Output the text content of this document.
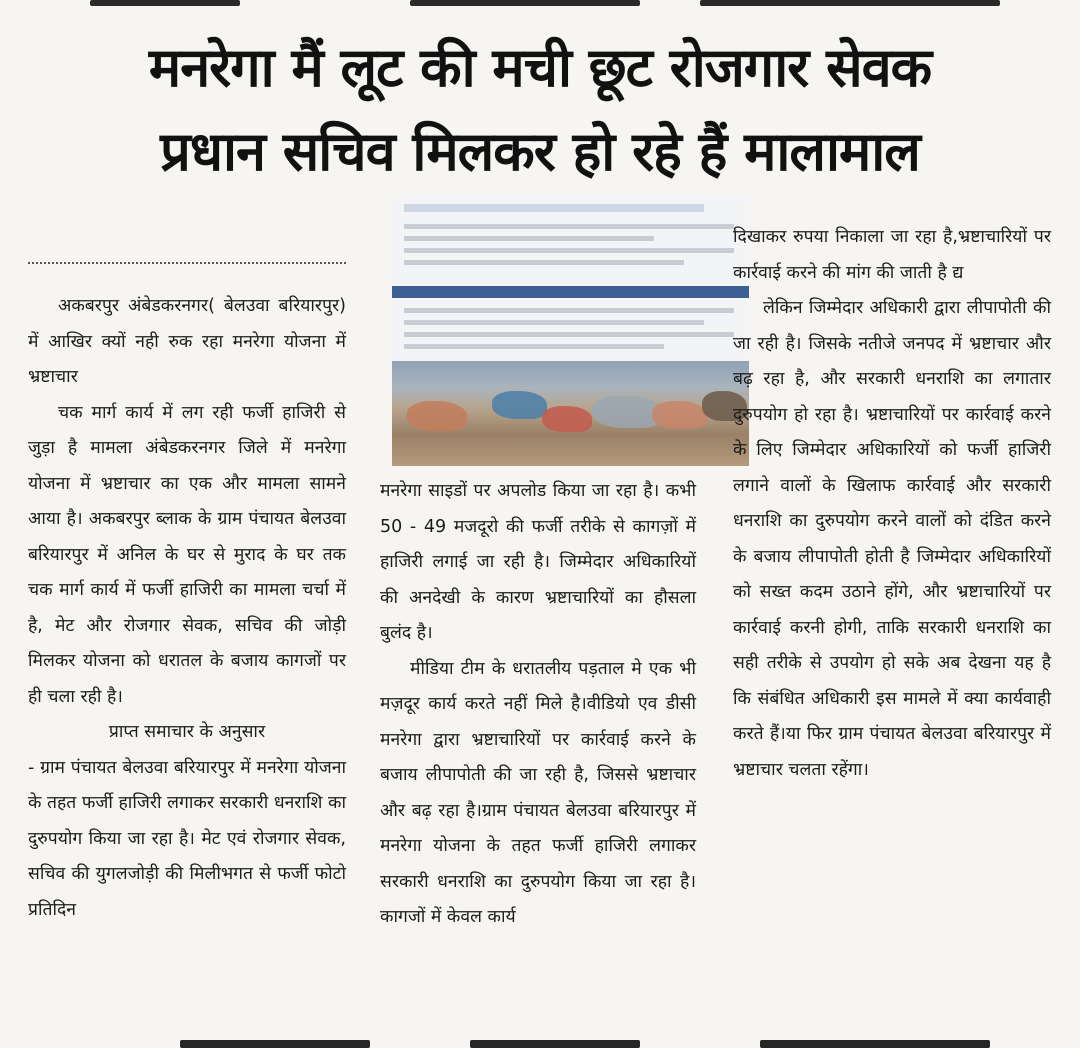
मनरेगा मैं लूट की मची छूट रोजगार सेवक
प्रधान सचिव मिलकर हो रहे हैं मालामाल

अकबरपुर अंबेडकरनगर( बेलउवा बरियारपुर) में आखिर क्यों नही रुक रहा मनरेगा योजना में भ्रष्टाचार

चक मार्ग कार्य में लग रही फर्जी हाजिरी से जुड़ा है मामला अंबेडकरनगर जिले में मनरेगा योजना में भ्रष्टाचार का एक और मामला सामने आया है। अकबरपुर ब्लाक के ग्राम पंचायत बेलउवा बरियारपुर में अनिल के घर से मुराद के घर तक चक मार्ग कार्य में फर्जी हाजिरी का मामला चर्चा में है, मेट और रोजगार सेवक, सचिव की जोड़ी मिलकर योजना को धरातल के बजाय कागजों पर ही चला रही है।

प्राप्त समाचार के अनुसार

- ग्राम पंचायत बेलउवा बरियारपुर में मनरेगा योजना के तहत फर्जी हाजिरी लगाकर सरकारी धनराशि का दुरुपयोग किया जा रहा है। मेट एवं रोजगार सेवक, सचिव की युगलजोड़ी की मिलीभगत से फर्जी फोटो प्रतिदिन

मनरेगा साइडों पर अपलोड किया जा रहा है। कभी 50 - 49 मजदूरो की फर्जी तरीके से कागज़ों में हाजिरी लगाई जा रही है। जिम्मेदार अधिकारियों की अनदेखी के कारण भ्रष्टाचारियों का हौसला बुलंद है।

मीडिया टीम के धरातलीय पड़ताल मे एक भी मज़दूर कार्य करते नहीं मिले है।वीडियो एव डीसी मनरेगा द्वारा भ्रष्टाचारियों पर कार्रवाई करने के बजाय लीपापोती की जा रही है, जिससे भ्रष्टाचार और बढ़ रहा है।ग्राम पंचायत बेलउवा बरियारपुर में मनरेगा योजना के तहत फर्जी हाजिरी लगाकर सरकारी धनराशि का दुरुपयोग किया जा रहा है। कागजों में केवल कार्य

दिखाकर रुपया निकाला जा रहा है,भ्रष्टाचारियों पर कार्रवाई करने की मांग की जाती है द्य

लेकिन जिम्मेदार अधिकारी द्वारा लीपापोती की जा रही है। जिसके नतीजे जनपद में भ्रष्टाचार और बढ़ रहा है, और सरकारी धनराशि का लगातार दुरुपयोग हो रहा है। भ्रष्टाचारियों पर कार्रवाई करने के लिए जिम्मेदार अधिकारियों को फर्जी हाजिरी लगाने वालों के खिलाफ कार्रवाई और सरकारी धनराशि का दुरुपयोग करने वालों को दंडित करने के बजाय लीपापोती होती है जिम्मेदार अधिकारियों को सख्त कदम उठाने होंगे, और भ्रष्टाचारियों पर कार्रवाई करनी होगी, ताकि सरकारी धनराशि का सही तरीके से उपयोग हो सके अब देखना यह है कि संबंधित अधिकारी इस मामले में क्या कार्यवाही करते हैं।या फिर ग्राम पंचायत बेलउवा बरियारपुर में भ्रष्टाचार चलता रहेंगा।
